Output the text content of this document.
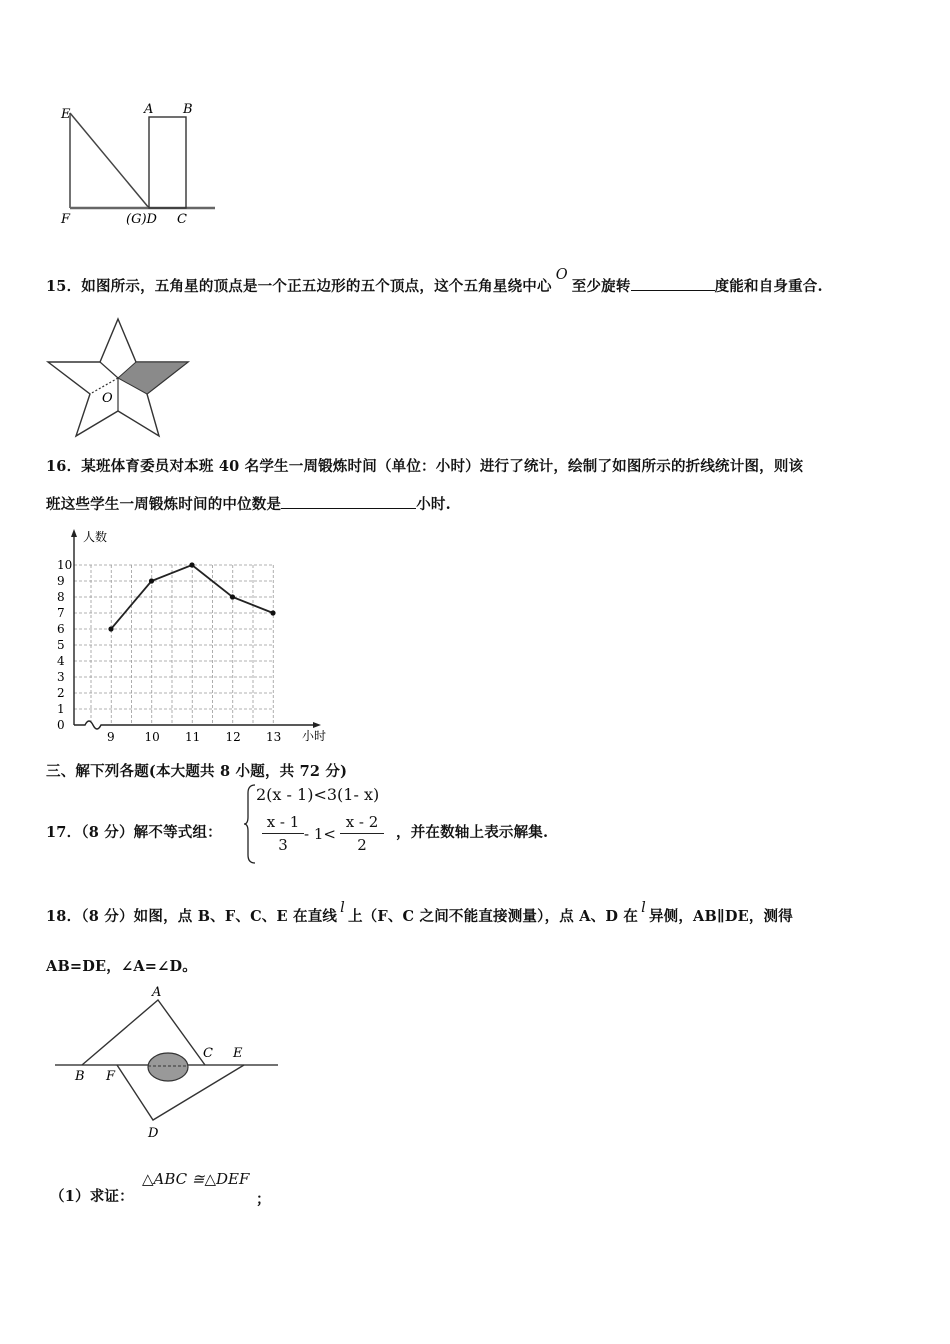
E	A B
F	(G)D C
15．如图所示，五角星的顶点是一个正五边形的五个顶点，这个五角星绕中心O至少旋转	度能和自身重合.
O
16．某班体育委员对本班 40 名学生一周锻炼时间（单位：小时）进行了统计，绘制了如图所示的折线统计图，则该
班这些学生一周锻炼时间的中位数是	小时.
0
1
2
3
4
5
6
7
8
9
10
9 10 11 12 13
人数
小时
三、解下列各题(本大题共 8 小题，共 72 分)
17．（8 分）解不等式组：
2(x - 1)<3(1- x)
x - 1
3
- 1<
x - 2
2
，并在数轴上表示解集.
18．（8 分）如图，点 B、F、C、E 在直线 l 上（F、C 之间不能直接测量），点 A、D 在 l 异侧，AB∥DE，测得
AB=DE，∠A=∠D。
A
B F
C E
D
（1）求证：
△ABC ≅△DEF
；
